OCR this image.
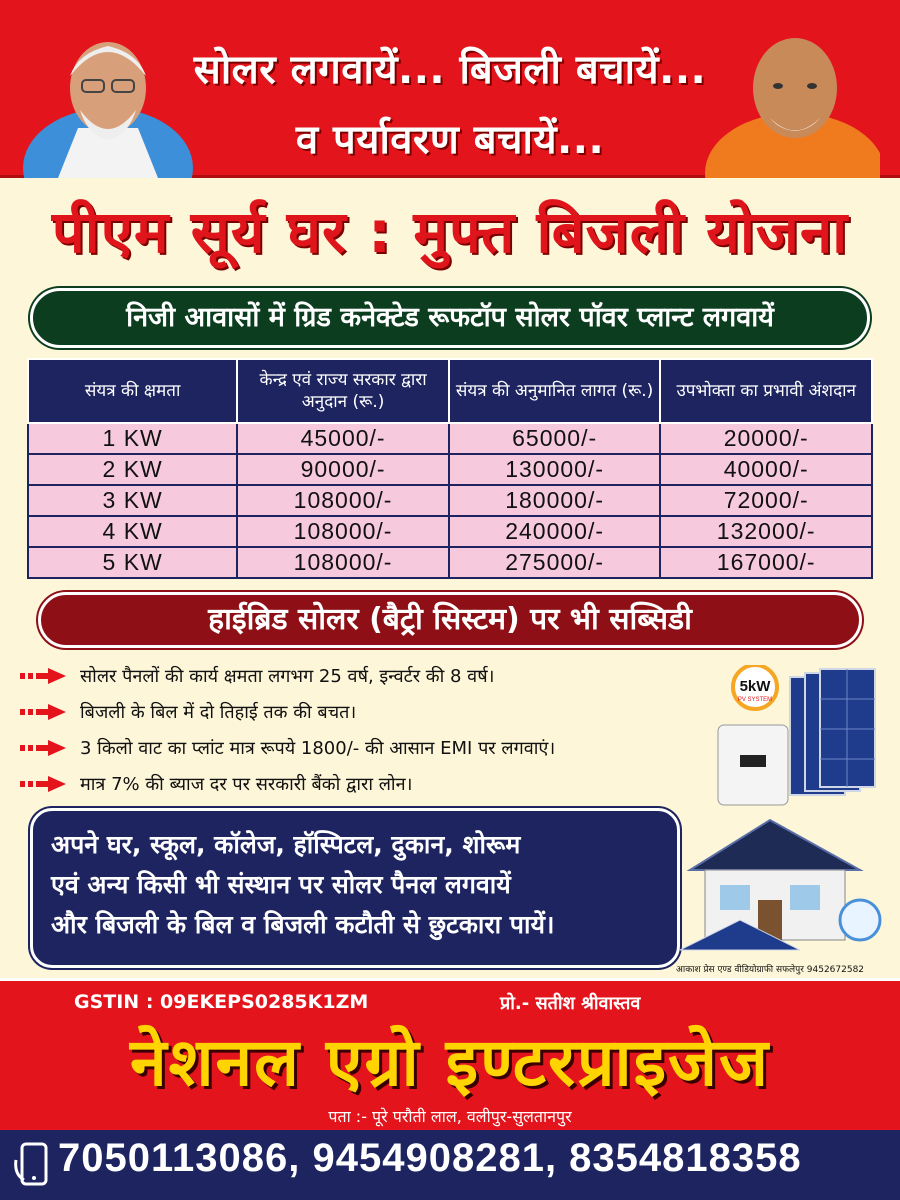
सोलर लगवायें... बिजली बचायें...
व पर्यावरण बचायें...
पीएम सूर्य घर : मुफ्त बिजली योजना
निजी आवासों में ग्रिड कनेक्टेड रूफटॉप सोलर पॉवर प्लान्ट लगवायें
संयत्र की क्षमता	केन्द्र एवं राज्य सरकार द्वारा अनुदान (रू.)	संयत्र की अनुमानित लागत (रू.)	उपभोक्ता का प्रभावी अंशदान
1 KW	45000/-	65000/-	20000/-
2 KW	90000/-	130000/-	40000/-
3 KW	108000/-	180000/-	72000/-
4 KW	108000/-	240000/-	132000/-
5 KW	108000/-	275000/-	167000/-
हाईब्रिड सोलर (बैट्री सिस्टम) पर भी सब्सिडी
सोलर पैनलों की कार्य क्षमता लगभग 25 वर्ष, इन्वर्टर की 8 वर्ष।
बिजली के बिल में दो तिहाई तक की बचत।
3 किलो वाट का प्लांट मात्र रूपये 1800/- की आसान EMI पर लगवाएं।
मात्र 7% की ब्याज दर पर सरकारी बैंको द्वारा लोन।
5kW
PV SYSTEM

अपने घर, स्कूल, कॉलेज, हॉस्पिटल, दुकान, शोरूम

एवं अन्य किसी भी संस्थान पर सोलर पैनल लगवायें

और बिजली के बिल व बिजली कटौती से छुटकारा पायें।

आकाश प्रेस एण्ड वीडियोग्राफी सफलेपुर 9452672582
GSTIN : 09EKEPS0285K1ZM	प्रो.- सतीश श्रीवास्तव
नेशनल एग्रो इण्टरप्राइजेज
पता :- पूरे परौती लाल, वलीपुर-सुलतानपुर
7050113086, 9454908281, 8354818358
